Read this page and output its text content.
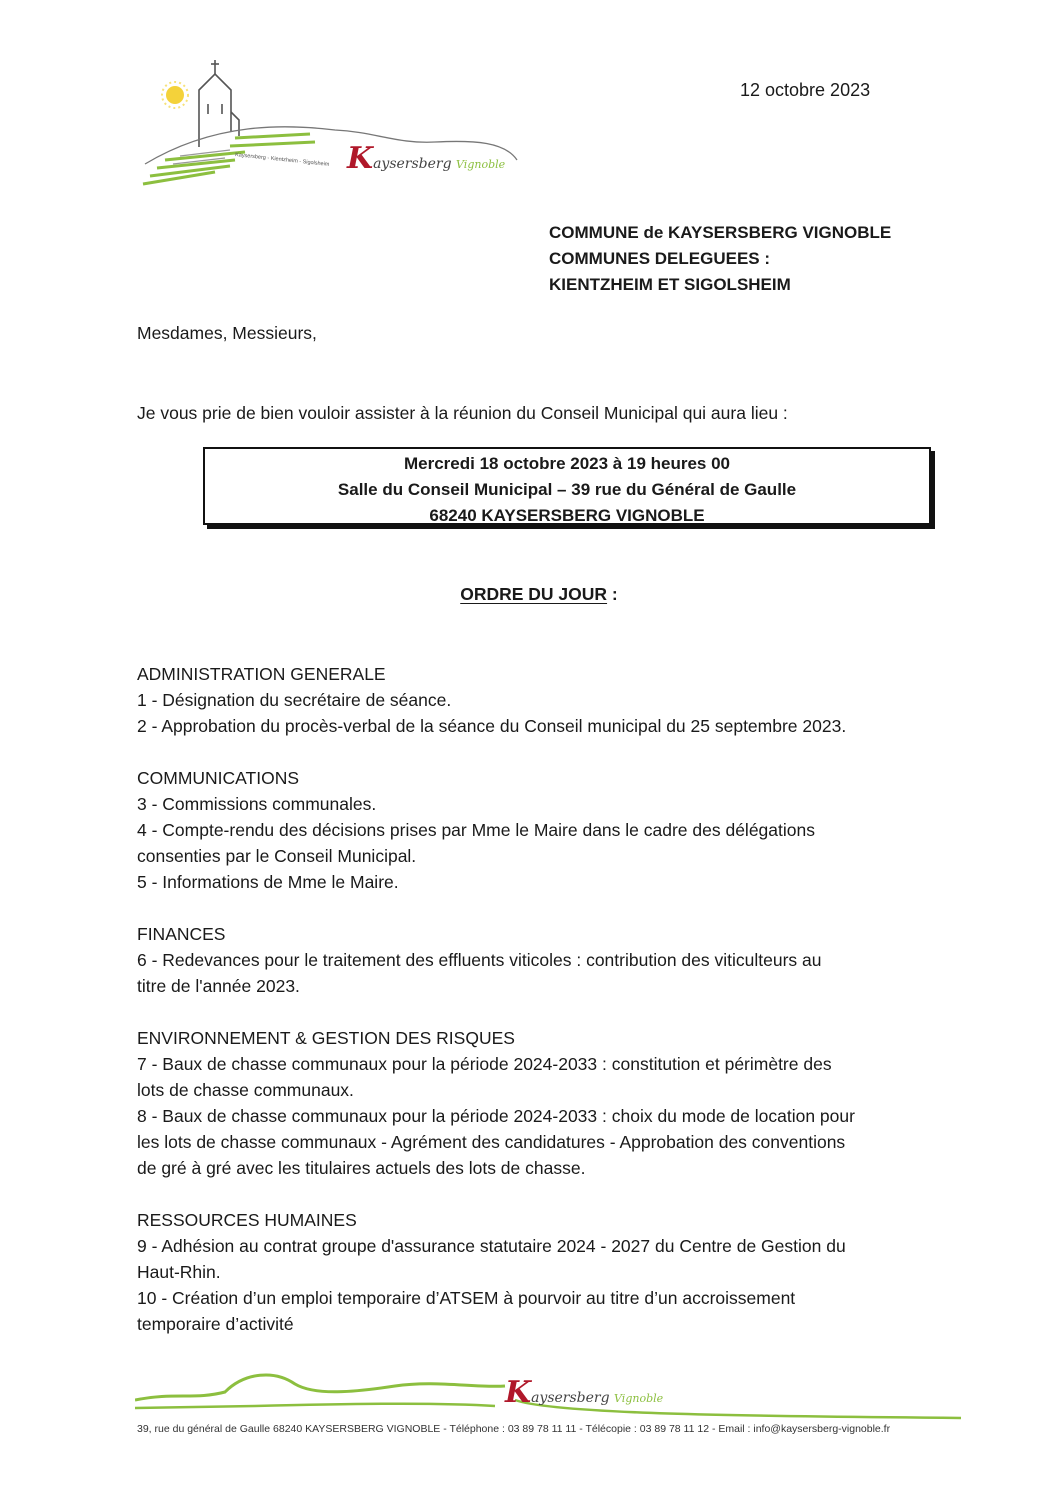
Kaysersberg - Kientzheim - Sigolsheim Kaysersberg Vignoble
12 octobre 2023
COMMUNE de KAYSERSBERG VIGNOBLE
COMMUNES DELEGUEES :
KIENTZHEIM ET SIGOLSHEIM
Mesdames, Messieurs,
Je vous prie de bien vouloir assister à la réunion du Conseil Municipal qui aura lieu :
Mercredi 18 octobre 2023 à 19 heures 00
Salle du Conseil Municipal – 39 rue du Général de Gaulle
68240 KAYSERSBERG VIGNOBLE
ORDRE DU JOUR :
ADMINISTRATION GENERALE
1 - Désignation du secrétaire de séance.
2 - Approbation du procès-verbal de la séance du Conseil municipal du 25 septembre 2023.
COMMUNICATIONS
3 - Commissions communales.
4 - Compte-rendu des décisions prises par Mme le Maire dans le cadre des délégations
consenties par le Conseil Municipal.
5 - Informations de Mme le Maire.
FINANCES
6 - Redevances pour le traitement des effluents viticoles : contribution des viticulteurs au
titre de l'année 2023.
ENVIRONNEMENT & GESTION DES RISQUES
7 - Baux de chasse communaux pour la période 2024-2033 : constitution et périmètre des
lots de chasse communaux.
8 - Baux de chasse communaux pour la période 2024-2033 : choix du mode de location pour
les lots de chasse communaux - Agrément des candidatures - Approbation des conventions
de gré à gré avec les titulaires actuels des lots de chasse.
RESSOURCES HUMAINES
9 - Adhésion au contrat groupe d'assurance statutaire 2024 - 2027 du Centre de Gestion du
Haut-Rhin.
10 - Création d’un emploi temporaire d’ATSEM à pourvoir au titre d’un accroissement
temporaire d’activité
Kaysersberg Vignoble
39, rue du général de Gaulle 68240 KAYSERSBERG VIGNOBLE - Téléphone : 03 89 78 11 11 - Télécopie : 03 89 78 11 12 - Email : info@kaysersberg-vignoble.fr
